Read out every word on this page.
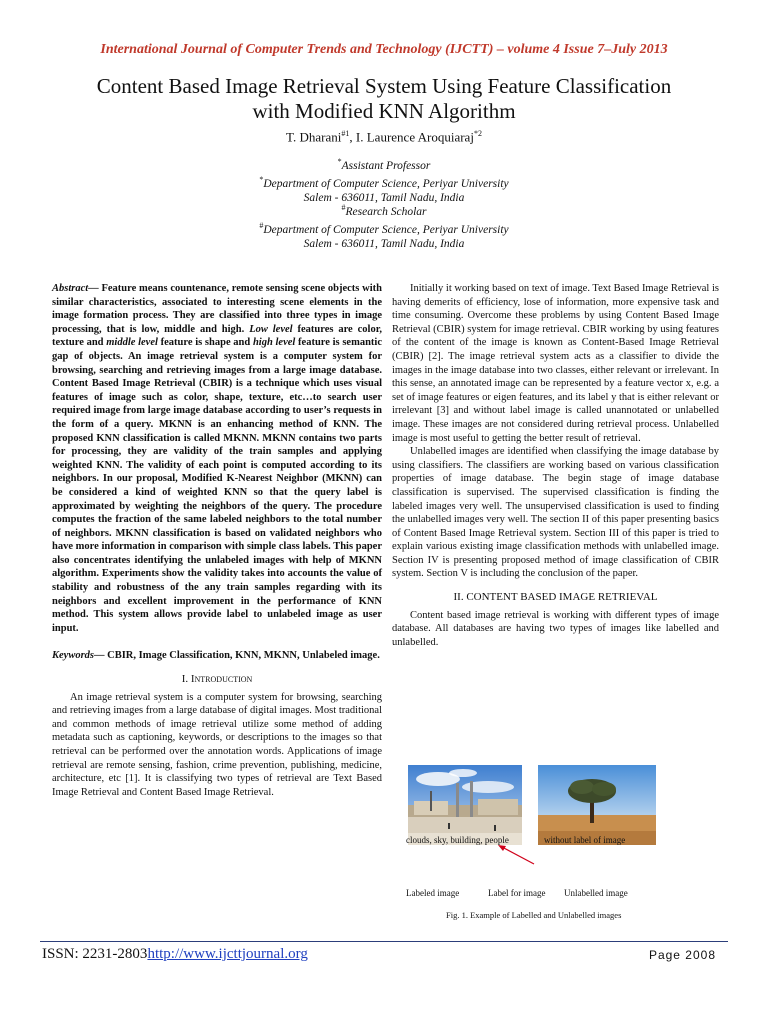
International Journal of Computer Trends and Technology (IJCTT) – volume 4 Issue 7–July 2013
Content Based Image Retrieval System Using Feature Classification
with Modified KNN Algorithm
T. Dharani$^{\#1}$, I. Laurence Aroquiaraj$^{*2}$
*Assistant Professor
*Department of Computer Science, Periyar University
Salem - 636011, Tamil Nadu, India
#Research Scholar
#Department of Computer Science, Periyar University
Salem - 636011, Tamil Nadu, India

Abstract— Feature means countenance, remote sensing scene objects with similar characteristics, associated to interesting scene elements in the image formation process. They are classified into three types in image processing, that is low, middle and high. Low level features are color, texture and middle level feature is shape and high level feature is semantic gap of objects. An image retrieval system is a computer system for browsing, searching and retrieving images from a large image database. Content Based Image Retrieval (CBIR) is a technique which uses visual features of image such as color, shape, texture, etc…to search user required image from large image database according to user’s requests in the form of a query. MKNN is an enhancing method of KNN. The proposed KNN classification is called MKNN. MKNN contains two parts for processing, they are validity of the train samples and applying weighted KNN. The validity of each point is computed according to its neighbors. In our proposal, Modified K-Nearest Neighbor (MKNN) can be considered a kind of weighted KNN so that the query label is approximated by weighting the neighbors of the query. The procedure computes the fraction of the same labeled neighbors to the total number of neighbors. MKNN classification is based on validated neighbors who have more information in comparison with simple class labels. This paper also concentrates identifying the unlabeled images with help of MKNN algorithm. Experiments show the validity takes into accounts the value of stability and robustness of the any train samples regarding with its neighbors and excellent improvement in the performance of KNN method. This system allows provide label to unlabeled image as user input.

Keywords— CBIR, Image Classification, KNN, MKNN, Unlabeled image.

I. Introduction

An image retrieval system is a computer system for browsing, searching and retrieving images from a large database of digital images. Most traditional and common methods of image retrieval utilize some method of adding metadata such as captioning, keywords, or descriptions to the images so that retrieval can be performed over the annotation words. Applications of image retrieval are remote sensing, fashion, crime prevention, publishing, medicine, architecture, etc [1]. It is classifying two types of retrieval are Text Based Image Retrieval and Content Based Image Retrieval.

Initially it working based on text of image. Text Based Image Retrieval is having demerits of efficiency, lose of information, more expensive task and time consuming. Overcome these problems by using Content Based Image Retrieval (CBIR) system for image retrieval. CBIR working by using features of the content of the image is known as Content-Based Image Retrieval (CBIR) [2]. The image retrieval system acts as a classifier to divide the images in the image database into two classes, either relevant or irrelevant. In this sense, an annotated image can be represented by a feature vector x, e.g. a set of image features or eigen features, and its label y that is either relevant or irrelevant [3] and without label image is called unannotated or unlabelled image. These images are not considered during retrieval process. Unlabelled image is most useful to getting the better result of retrieval.

Unlabelled images are identified when classifying the image database by using classifiers. The classifiers are working based on various classification properties of image database. The begin stage of image database classification is supervised. The supervised classification is finding the labeled images very well. The unsupervised classification is used to finding the unlabelled images very well. The section II of this paper presenting basics of Content Based Image Retrieval system. Section III of this paper is tried to explain various existing image classification methods with unlabelled image. Section IV is presenting proposed method of image classification of CBIR system. Section V is including the conclusion of the paper.

II. CONTENT BASED IMAGE RETRIEVAL

Content based image retrieval is working with different types of image database. All databases are having two types of images like labelled and unlabelled.

clouds, sky, building, people	without label of image
Labeled image	Label for image Unlabelled image
Fig. 1. Example of Labelled and Unlabelled images
ISSN: 2231-2803http://www.ijcttjournal.org	Page 2008
